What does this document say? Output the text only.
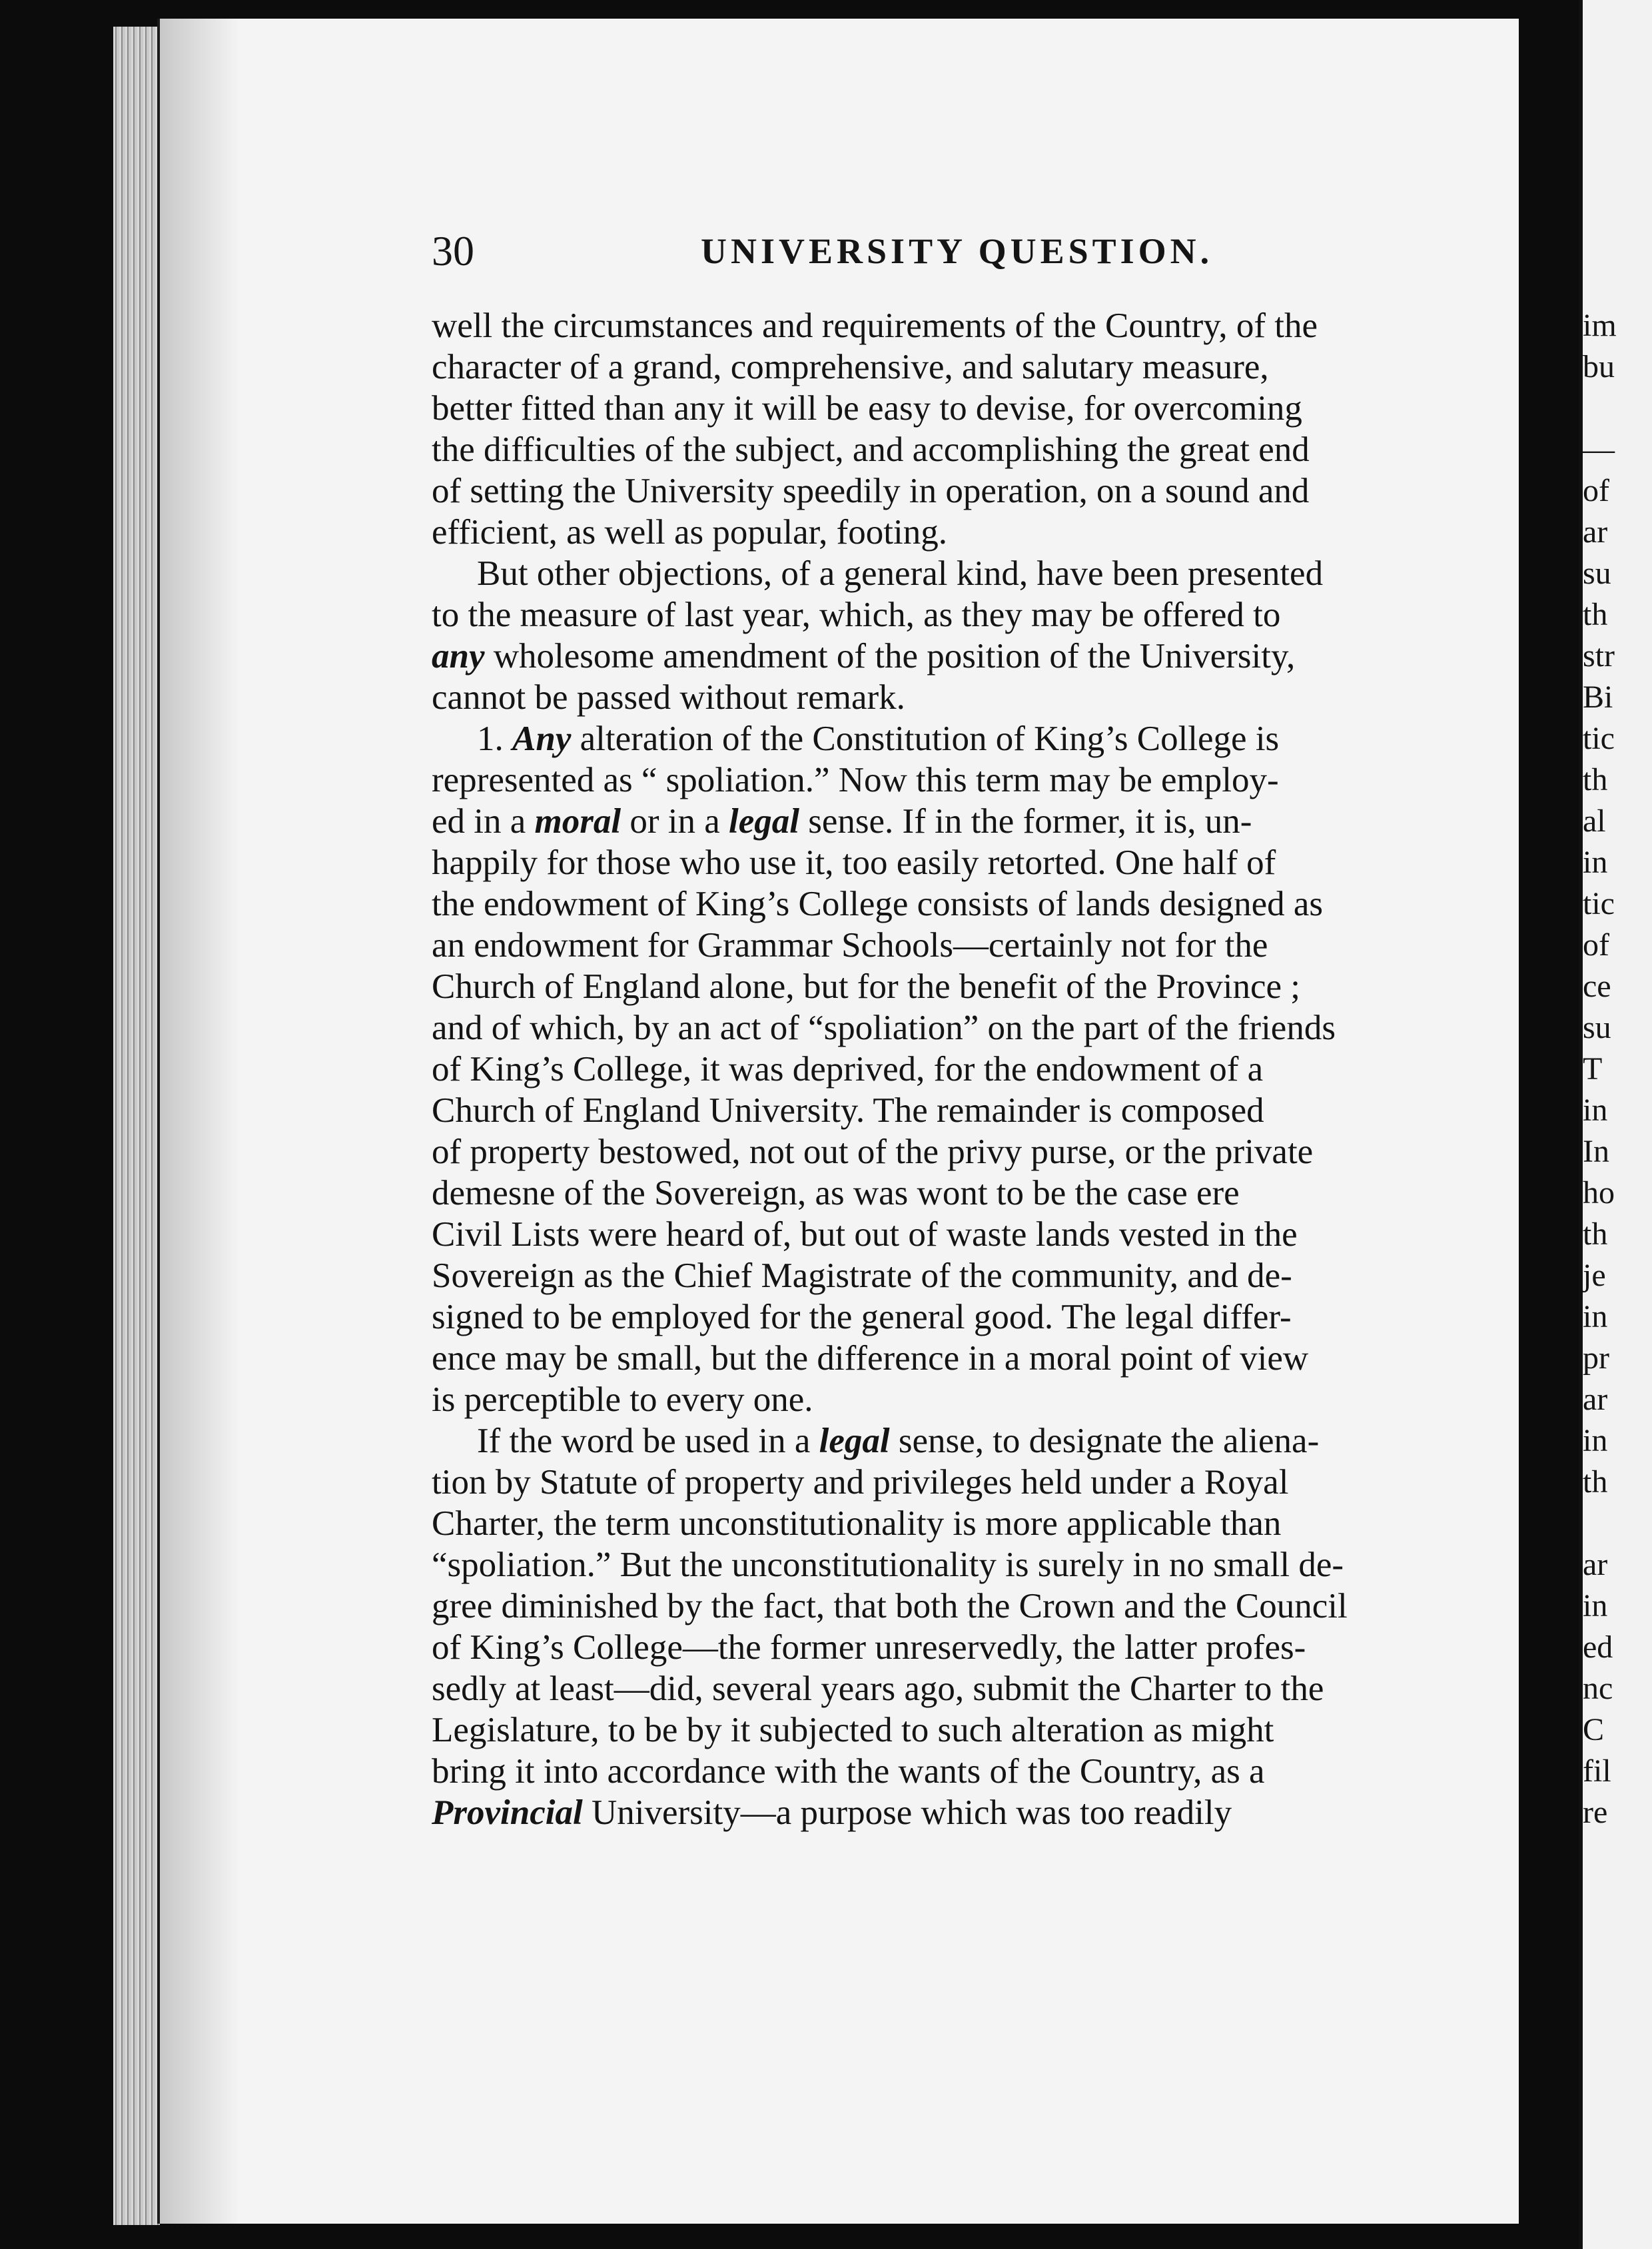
30	UNIVERSITY QUESTION.
well the circumstances and requirements of the Country, of the
character of a grand, comprehensive, and salutary measure,
better fitted than any it will be easy to devise, for overcoming
the difficulties of the subject, and accomplishing the great end
of setting the University speedily in operation, on a sound and
efficient, as well as popular, footing.
But other objections, of a general kind, have been presented
to the measure of last year, which, as they may be offered to
any wholesome amendment of the position of the University,
cannot be passed without remark.
1. Any alteration of the Constitution of King’s College is
represented as “ spoliation.” Now this term may be employ-
ed in a moral or in a legal sense. If in the former, it is, un-
happily for those who use it, too easily retorted. One half of
the endowment of King’s College consists of lands designed as
an endowment for Grammar Schools—certainly not for the
Church of England alone, but for the benefit of the Province ;
and of which, by an act of “spoliation” on the part of the friends
of King’s College, it was deprived, for the endowment of a
Church of England University. The remainder is composed
of property bestowed, not out of the privy purse, or the private
demesne of the Sovereign, as was wont to be the case ere
Civil Lists were heard of, but out of waste lands vested in the
Sovereign as the Chief Magistrate of the community, and de-
signed to be employed for the general good. The legal differ-
ence may be small, but the difference in a moral point of view
is perceptible to every one.
If the word be used in a legal sense, to designate the aliena-
tion by Statute of property and privileges held under a Royal
Charter, the term unconstitutionality is more applicable than
“spoliation.” But the unconstitutionality is surely in no small de-
gree diminished by the fact, that both the Crown and the Council
of King’s College—the former unreservedly, the latter profes-
sedly at least—did, several years ago, submit the Charter to the
Legislature, to be by it subjected to such alteration as might
bring it into accordance with the wants of the Country, as a
Provincial University—a purpose which was too readily
im
bu
—
of
ar
su
th
str
Bi
tic
th
al
in
tic
of
ce
su
T
in
In
ho
th
je
in
pr
ar
in
th
ar
in
ed
nc
C
fil
re
